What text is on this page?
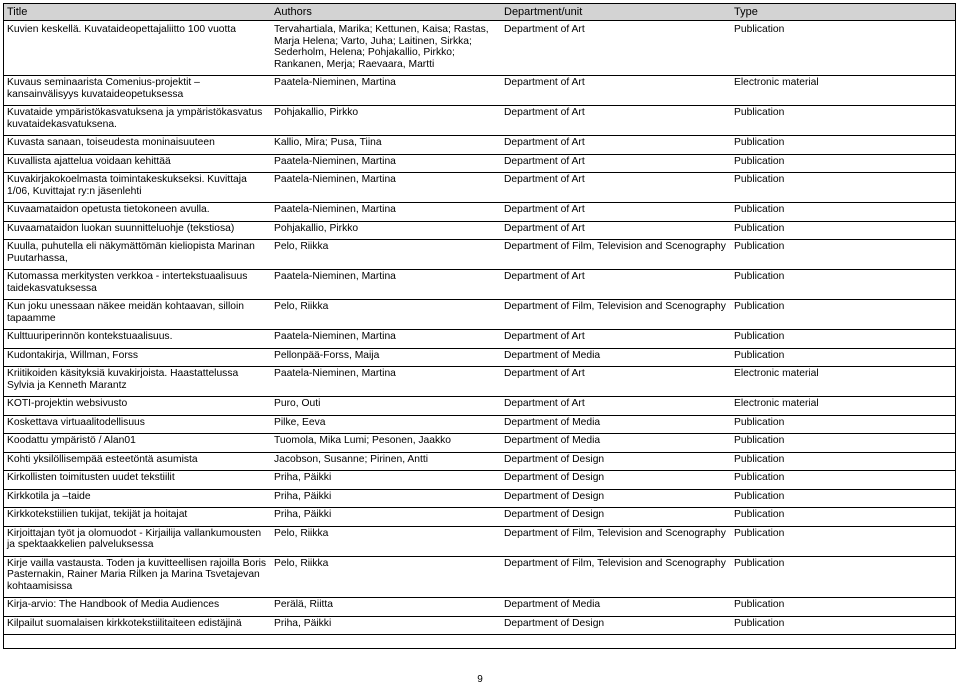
Title	Authors	Department/unit	Type
Kuvien keskellä. Kuvataideopettajaliitto 100 vuotta	Tervahartiala, Marika; Kettunen, Kaisa; Rastas, Marja Helena; Varto, Juha; Laitinen, Sirkka; Sederholm, Helena; Pohjakallio, Pirkko; Rankanen, Merja; Raevaara, Martti	Department of Art	Publication
Kuvaus seminaarista Comenius-projektit –kansainvälisyys kuvataideopetuksessa	Paatela-Nieminen, Martina	Department of Art	Electronic material
Kuvataide ympäristökasvatuksena ja ympäristökasvatus kuvataidekasvatuksena.	Pohjakallio, Pirkko	Department of Art	Publication
Kuvasta sanaan, toiseudesta moninaisuuteen	Kallio, Mira; Pusa, Tiina	Department of Art	Publication
Kuvallista ajattelua voidaan kehittää	Paatela-Nieminen, Martina	Department of Art	Publication
Kuvakirjakokoelmasta toimintakeskukseksi. Kuvittaja 1/06, Kuvittajat ry:n jäsenlehti	Paatela-Nieminen, Martina	Department of Art	Publication
Kuvaamataidon opetusta tietokoneen avulla.	Paatela-Nieminen, Martina	Department of Art	Publication
Kuvaamataidon luokan suunnitteluohje (tekstiosa)	Pohjakallio, Pirkko	Department of Art	Publication
Kuulla, puhutella eli näkymättömän kieliopista Marinan Puutarhassa,	Pelo, Riikka	Department of Film, Television and Scenography	Publication
Kutomassa merkitysten verkkoa - intertekstuaalisuus taidekasvatuksessa	Paatela-Nieminen, Martina	Department of Art	Publication
Kun joku unessaan näkee meidän kohtaavan, silloin tapaamme	Pelo, Riikka	Department of Film, Television and Scenography	Publication
Kulttuuriperinnön kontekstuaalisuus.	Paatela-Nieminen, Martina	Department of Art	Publication
Kudontakirja, Willman, Forss	Pellonpää-Forss, Maija	Department of Media	Publication
Kriitikoiden käsityksiä kuvakirjoista. Haastattelussa Sylvia ja Kenneth Marantz	Paatela-Nieminen, Martina	Department of Art	Electronic material
KOTI-projektin websivusto	Puro, Outi	Department of Art	Electronic material
Koskettava virtuaalitodellisuus	Pilke, Eeva	Department of Media	Publication
Koodattu ympäristö / Alan01	Tuomola, Mika Lumi; Pesonen, Jaakko	Department of Media	Publication
Kohti yksilöllisempää esteetöntä asumista	Jacobson, Susanne; Pirinen, Antti	Department of Design	Publication
Kirkollisten toimitusten uudet tekstiilit	Priha, Päikki	Department of Design	Publication
Kirkkotila ja –taide	Priha, Päikki	Department of Design	Publication
Kirkkotekstiilien tukijat, tekijät ja hoitajat	Priha, Päikki	Department of Design	Publication
Kirjoittajan työt ja olomuodot - Kirjailija vallankumousten ja spektaakkelien palveluksessa	Pelo, Riikka	Department of Film, Television and Scenography	Publication
Kirje vailla vastausta. Toden ja kuvitteellisen rajoilla Boris Pasternakin, Rainer Maria Rilken ja Marina Tsvetajevan kohtaamisissa	Pelo, Riikka	Department of Film, Television and Scenography	Publication
Kirja-arvio: The Handbook of Media Audiences	Perälä, Riitta	Department of Media	Publication
Kilpailut suomalaisen kirkkotekstiilitaiteen edistäjinä	Priha, Päikki	Department of Design	Publication
9
